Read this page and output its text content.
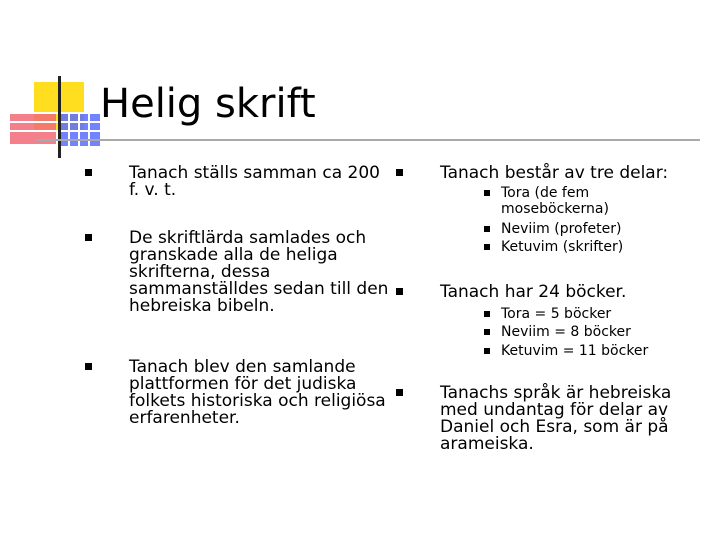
Helig skrift
Tanach ställs samman ca 200 f. v. t.
De skriftlärda samlades och granskade alla de heliga skrifterna, dessa sammanställdes sedan till den hebreiska bibeln.
Tanach blev den samlande plattformen för det judiska folkets historiska och religiösa erfarenheter.
Tanach består av tre delar:
Tora (de fem moseböckerna)
Neviim (profeter)
Ketuvim (skrifter)
Tanach har 24 böcker.
Tora = 5 böcker
Neviim = 8 böcker
Ketuvim = 11 böcker
Tanachs språk är hebreiska med undantag för delar av Daniel och Esra, som är på arameiska.
